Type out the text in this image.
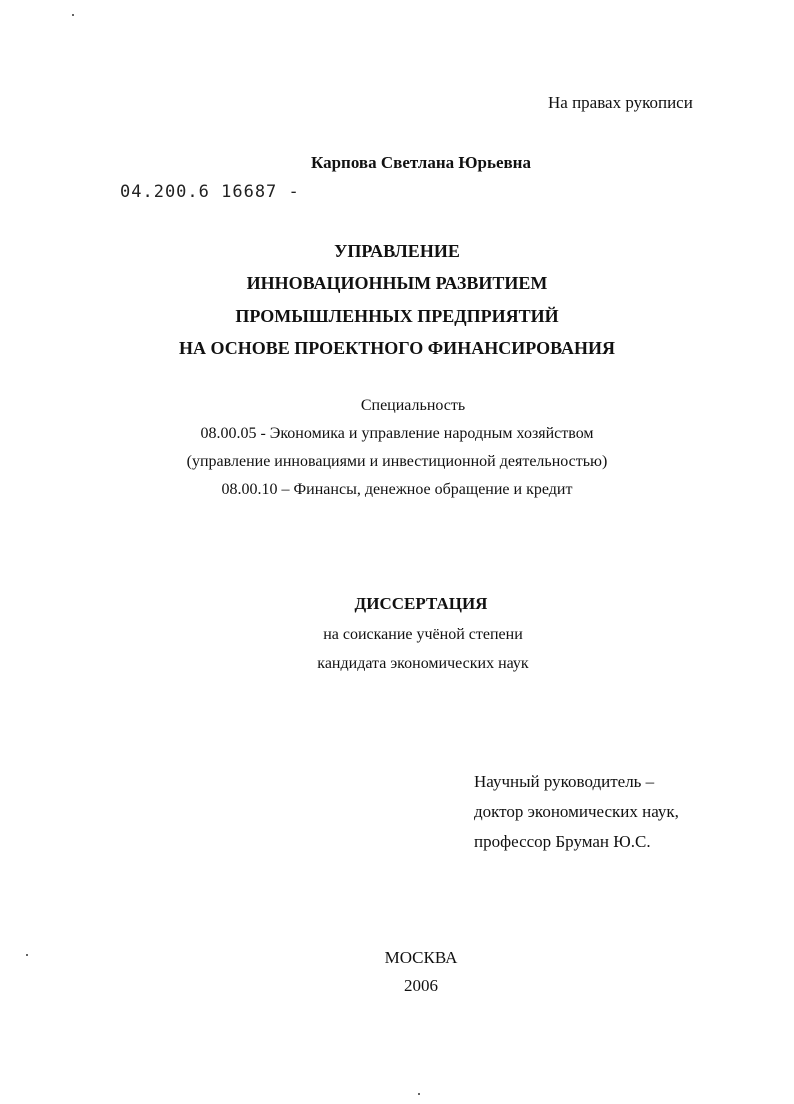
На правах рукописи
Карпова Светлана Юрьевна
04.200.6 16687 -
УПРАВЛЕНИЕ
ИННОВАЦИОННЫМ РАЗВИТИЕМ
ПРОМЫШЛЕННЫХ ПРЕДПРИЯТИЙ
НА ОСНОВЕ ПРОЕКТНОГО ФИНАНСИРОВАНИЯ
Специальность
08.00.05 - Экономика и управление народным хозяйством
(управление инновациями и инвестиционной деятельностью)
08.00.10 – Финансы, денежное обращение и кредит
ДИССЕРТАЦИЯ
на соискание учёной степени
кандидата экономических наук
Научный руководитель –
доктор экономических наук,
профессор Бруман Ю.С.
МОСКВА
2006
